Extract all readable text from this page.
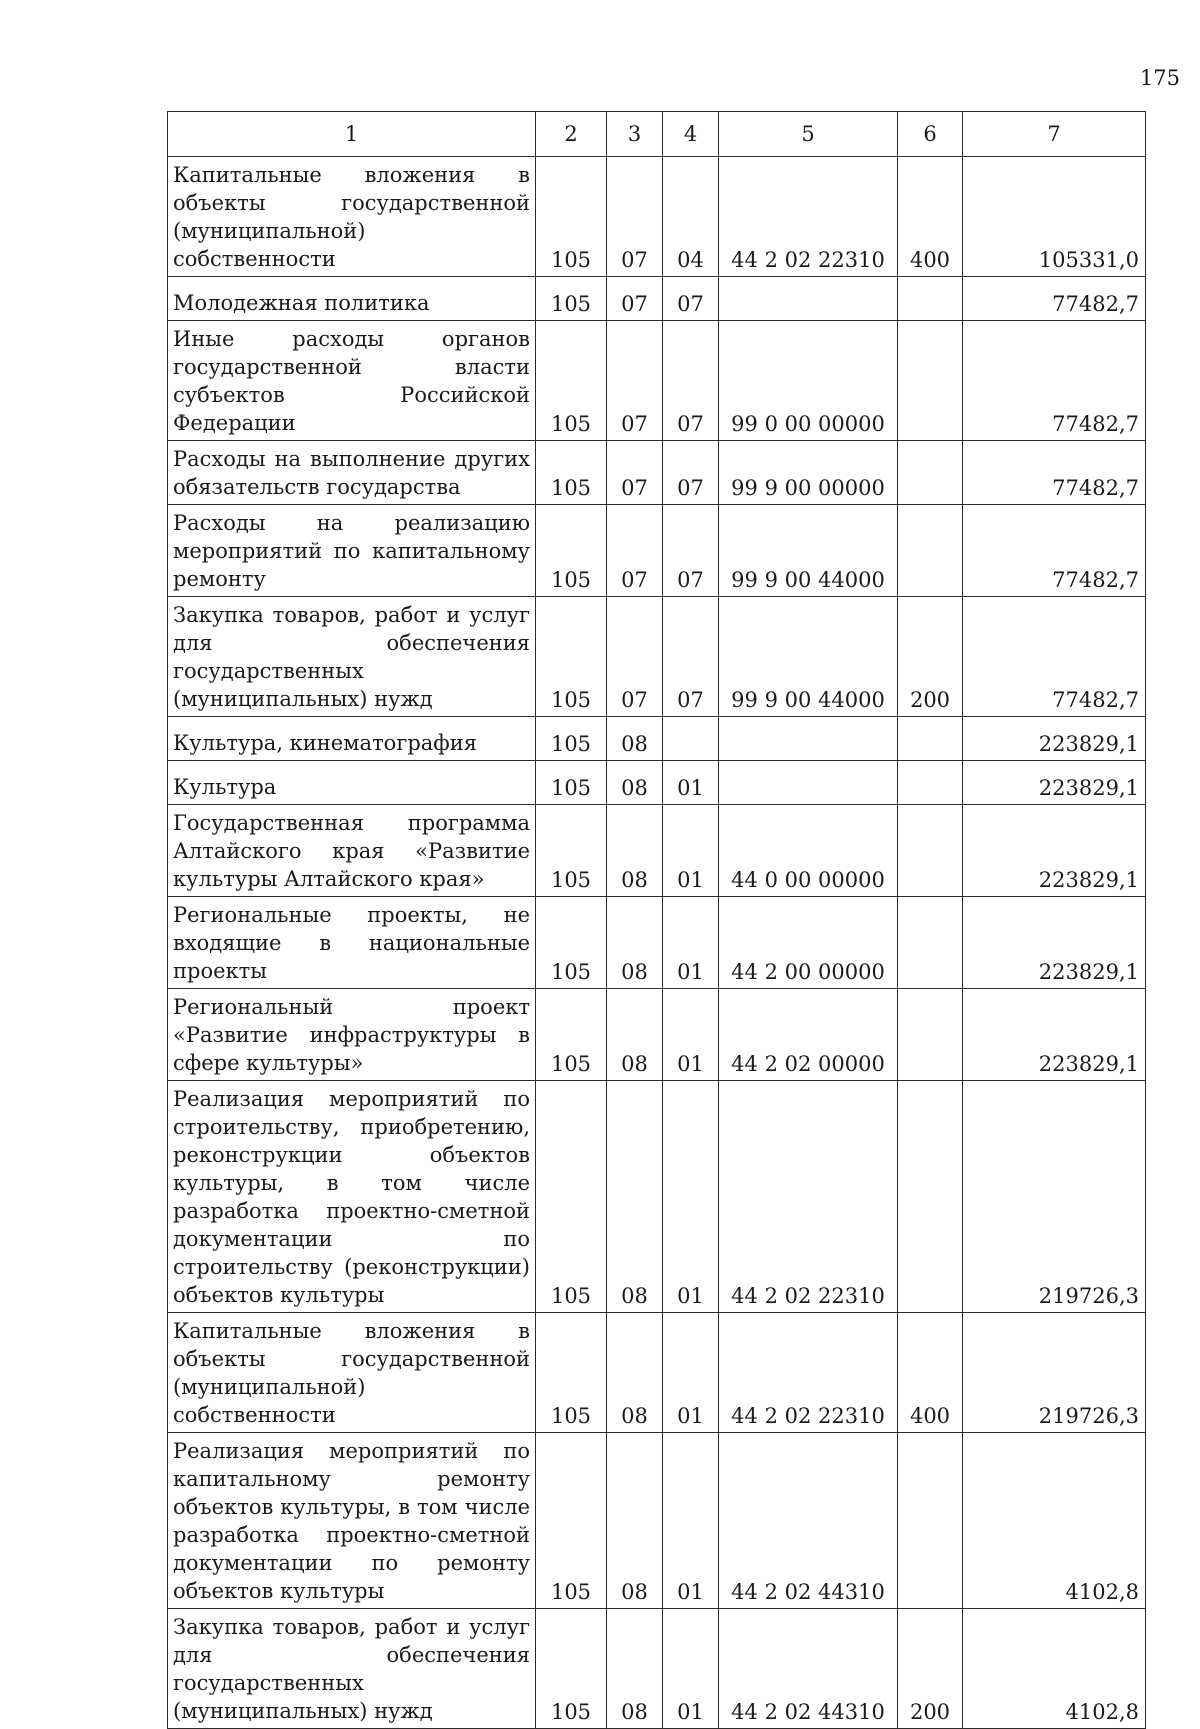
175
1	2	3	4	5	6	7
Капитальные вложения в объекты государственной (муниципальной) собственности	105	07	04	44 2 02 22310	400	105331,0
Молодежная политика	105	07	07			77482,7
Иные расходы органов государственной власти субъектов Российской Федерации	105	07	07	99 0 00 00000		77482,7
Расходы на выполнение других обязательств государства	105	07	07	99 9 00 00000		77482,7
Расходы на реализацию мероприятий по капитальному ремонту	105	07	07	99 9 00 44000		77482,7
Закупка товаров, работ и услуг для обеспечения государственных (муниципальных) нужд	105	07	07	99 9 00 44000	200	77482,7
Культура, кинематография	105	08				223829,1
Культура	105	08	01			223829,1
Государственная программа Алтайского края «Развитие культуры Алтайского края»	105	08	01	44 0 00 00000		223829,1
Региональные проекты, не входящие в национальные проекты	105	08	01	44 2 00 00000		223829,1
Региональный проект «Развитие инфраструктуры в сфере культуры»	105	08	01	44 2 02 00000		223829,1
Реализация мероприятий по строительству, приобретению, реконструкции объектов культуры, в том числе разработка проектно-сметной документации по строительству (реконструкции) объектов культуры	105	08	01	44 2 02 22310		219726,3
Капитальные вложения в объекты государственной (муниципальной) собственности	105	08	01	44 2 02 22310	400	219726,3
Реализация мероприятий по капитальному ремонту объектов культуры, в том числе разработка проектно-сметной документации по ремонту объектов культуры	105	08	01	44 2 02 44310		4102,8
Закупка товаров, работ и услуг для обеспечения государственных (муниципальных) нужд	105	08	01	44 2 02 44310	200	4102,8
